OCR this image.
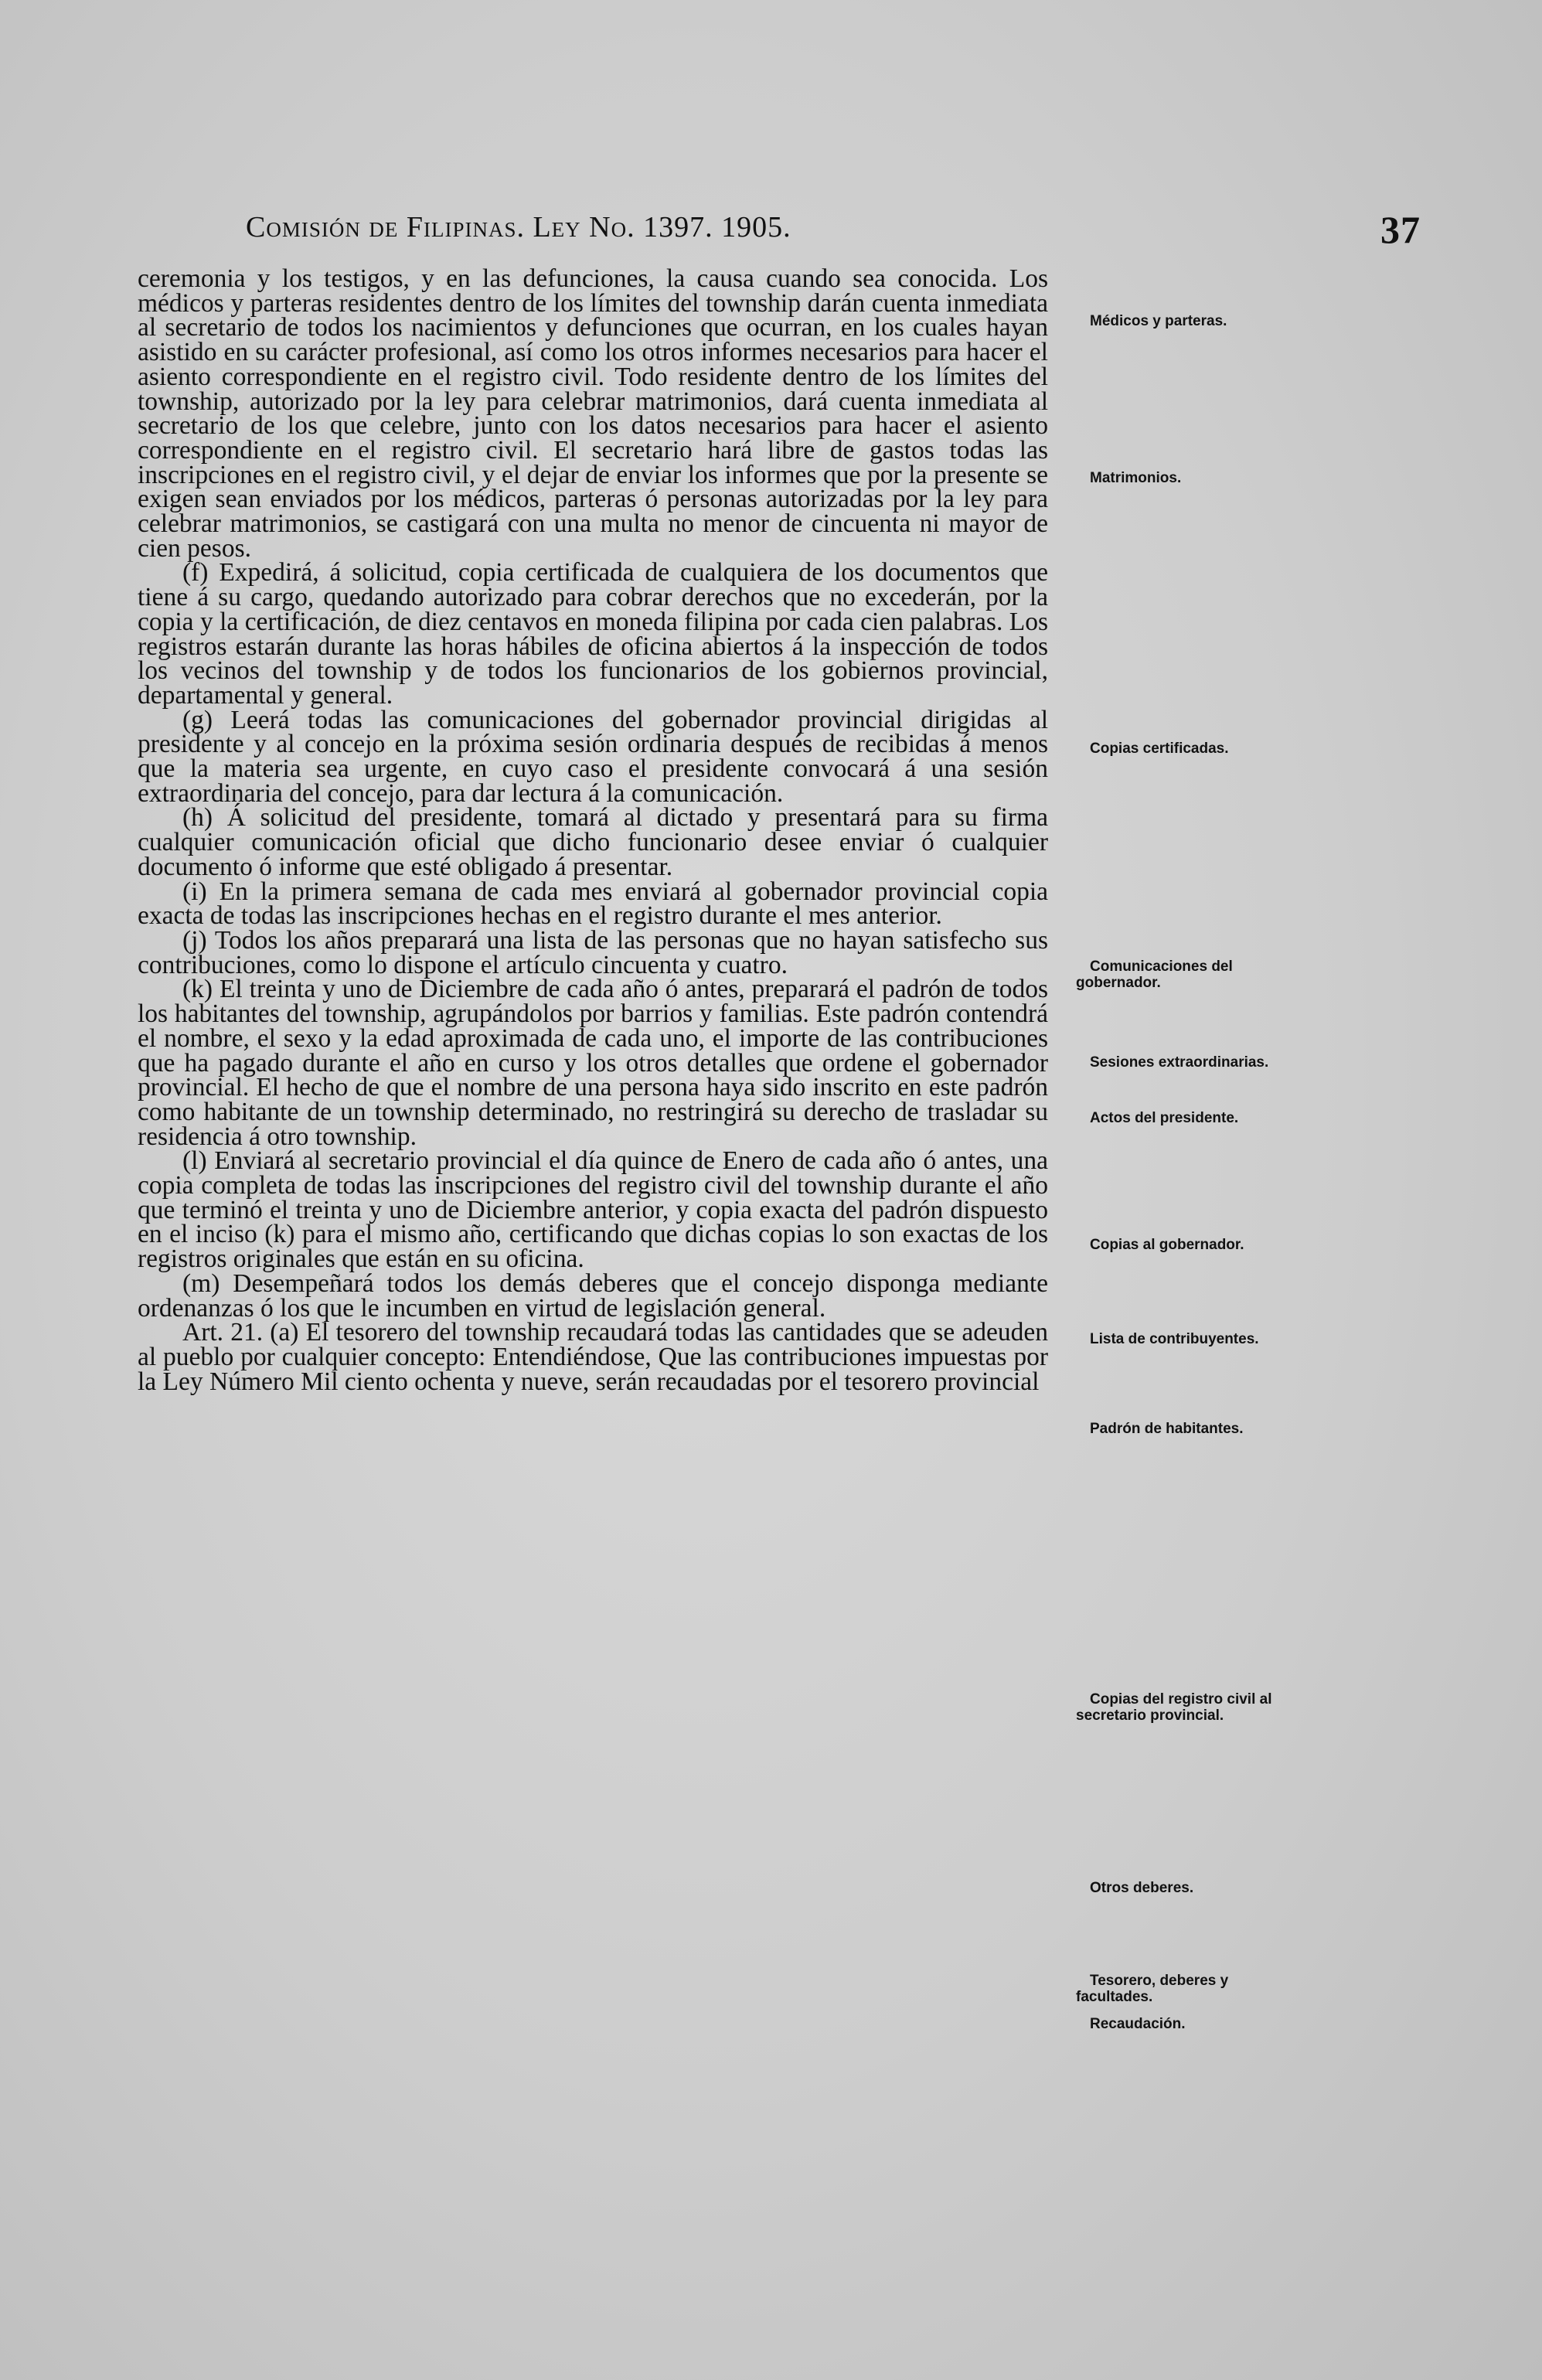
Comisión de Filipinas. Ley No. 1397. 1905.	37

ceremonia y los testigos, y en las defunciones, la causa cuando sea conocida. Los médicos y parteras residentes dentro de los límites del township darán cuenta inmediata al secretario de todos los nacimientos y defunciones que ocurran, en los cuales hayan asistido en su carácter profesional, así como los otros informes necesarios para hacer el asiento correspondiente en el registro civil. Todo residente dentro de los límites del township, autorizado por la ley para celebrar matrimonios, dará cuenta inmediata al secretario de los que celebre, junto con los datos necesarios para hacer el asiento correspondiente en el registro civil. El secretario hará libre de gastos todas las inscripciones en el registro civil, y el dejar de enviar los informes que por la presente se exigen sean enviados por los médicos, parteras ó personas autorizadas por la ley para celebrar matrimonios, se castigará con una multa no menor de cincuenta ni mayor de cien pesos.

(f) Expedirá, á solicitud, copia certificada de cualquiera de los documentos que tiene á su cargo, quedando autorizado para cobrar derechos que no excederán, por la copia y la certificación, de diez centavos en moneda filipina por cada cien palabras. Los registros estarán durante las horas hábiles de oficina abiertos á la inspección de todos los vecinos del township y de todos los funcionarios de los gobiernos provincial, departamental y general.

(g) Leerá todas las comunicaciones del gobernador provincial dirigidas al presidente y al concejo en la próxima sesión ordinaria después de recibidas á menos que la materia sea urgente, en cuyo caso el presidente convocará á una sesión extraordinaria del concejo, para dar lectura á la comunicación.

(h) Á solicitud del presidente, tomará al dictado y presentará para su firma cualquier comunicación oficial que dicho funcionario desee enviar ó cualquier documento ó informe que esté obligado á presentar.

(i) En la primera semana de cada mes enviará al gobernador provincial copia exacta de todas las inscripciones hechas en el registro durante el mes anterior.

(j) Todos los años preparará una lista de las personas que no hayan satisfecho sus contribuciones, como lo dispone el artículo cincuenta y cuatro.

(k) El treinta y uno de Diciembre de cada año ó antes, preparará el padrón de todos los habitantes del township, agrupándolos por barrios y familias. Este padrón contendrá el nombre, el sexo y la edad aproximada de cada uno, el importe de las contribuciones que ha pagado durante el año en curso y los otros detalles que ordene el gobernador provincial. El hecho de que el nombre de una persona haya sido inscrito en este padrón como habitante de un township determinado, no restringirá su derecho de trasladar su residencia á otro township.

(l) Enviará al secretario provincial el día quince de Enero de cada año ó antes, una copia completa de todas las inscripciones del registro civil del township durante el año que terminó el treinta y uno de Diciembre anterior, y copia exacta del padrón dispuesto en el inciso (k) para el mismo año, certificando que dichas copias lo son exactas de los registros originales que están en su oficina.

(m) Desempeñará todos los demás deberes que el concejo disponga mediante ordenanzas ó los que le incumben en virtud de legislación general.

Art. 21. (a) El tesorero del township recaudará todas las cantidades que se adeuden al pueblo por cualquier concepto: Entendiéndose, Que las contribuciones impuestas por la Ley Número Mil ciento ochenta y nueve, serán recaudadas por el tesorero provincial

Médicos y parteras.
Matrimonios.
Copias certificadas.
Comunicaciones del gobernador.
Sesiones extraordinarias.
Actos del presidente.
Copias al gobernador.
Lista de contribuyentes.
Padrón de habitantes.
Copias del registro civil al secretario provincial.
Otros deberes.
Tesorero, deberes y facultades.
Recaudación.
